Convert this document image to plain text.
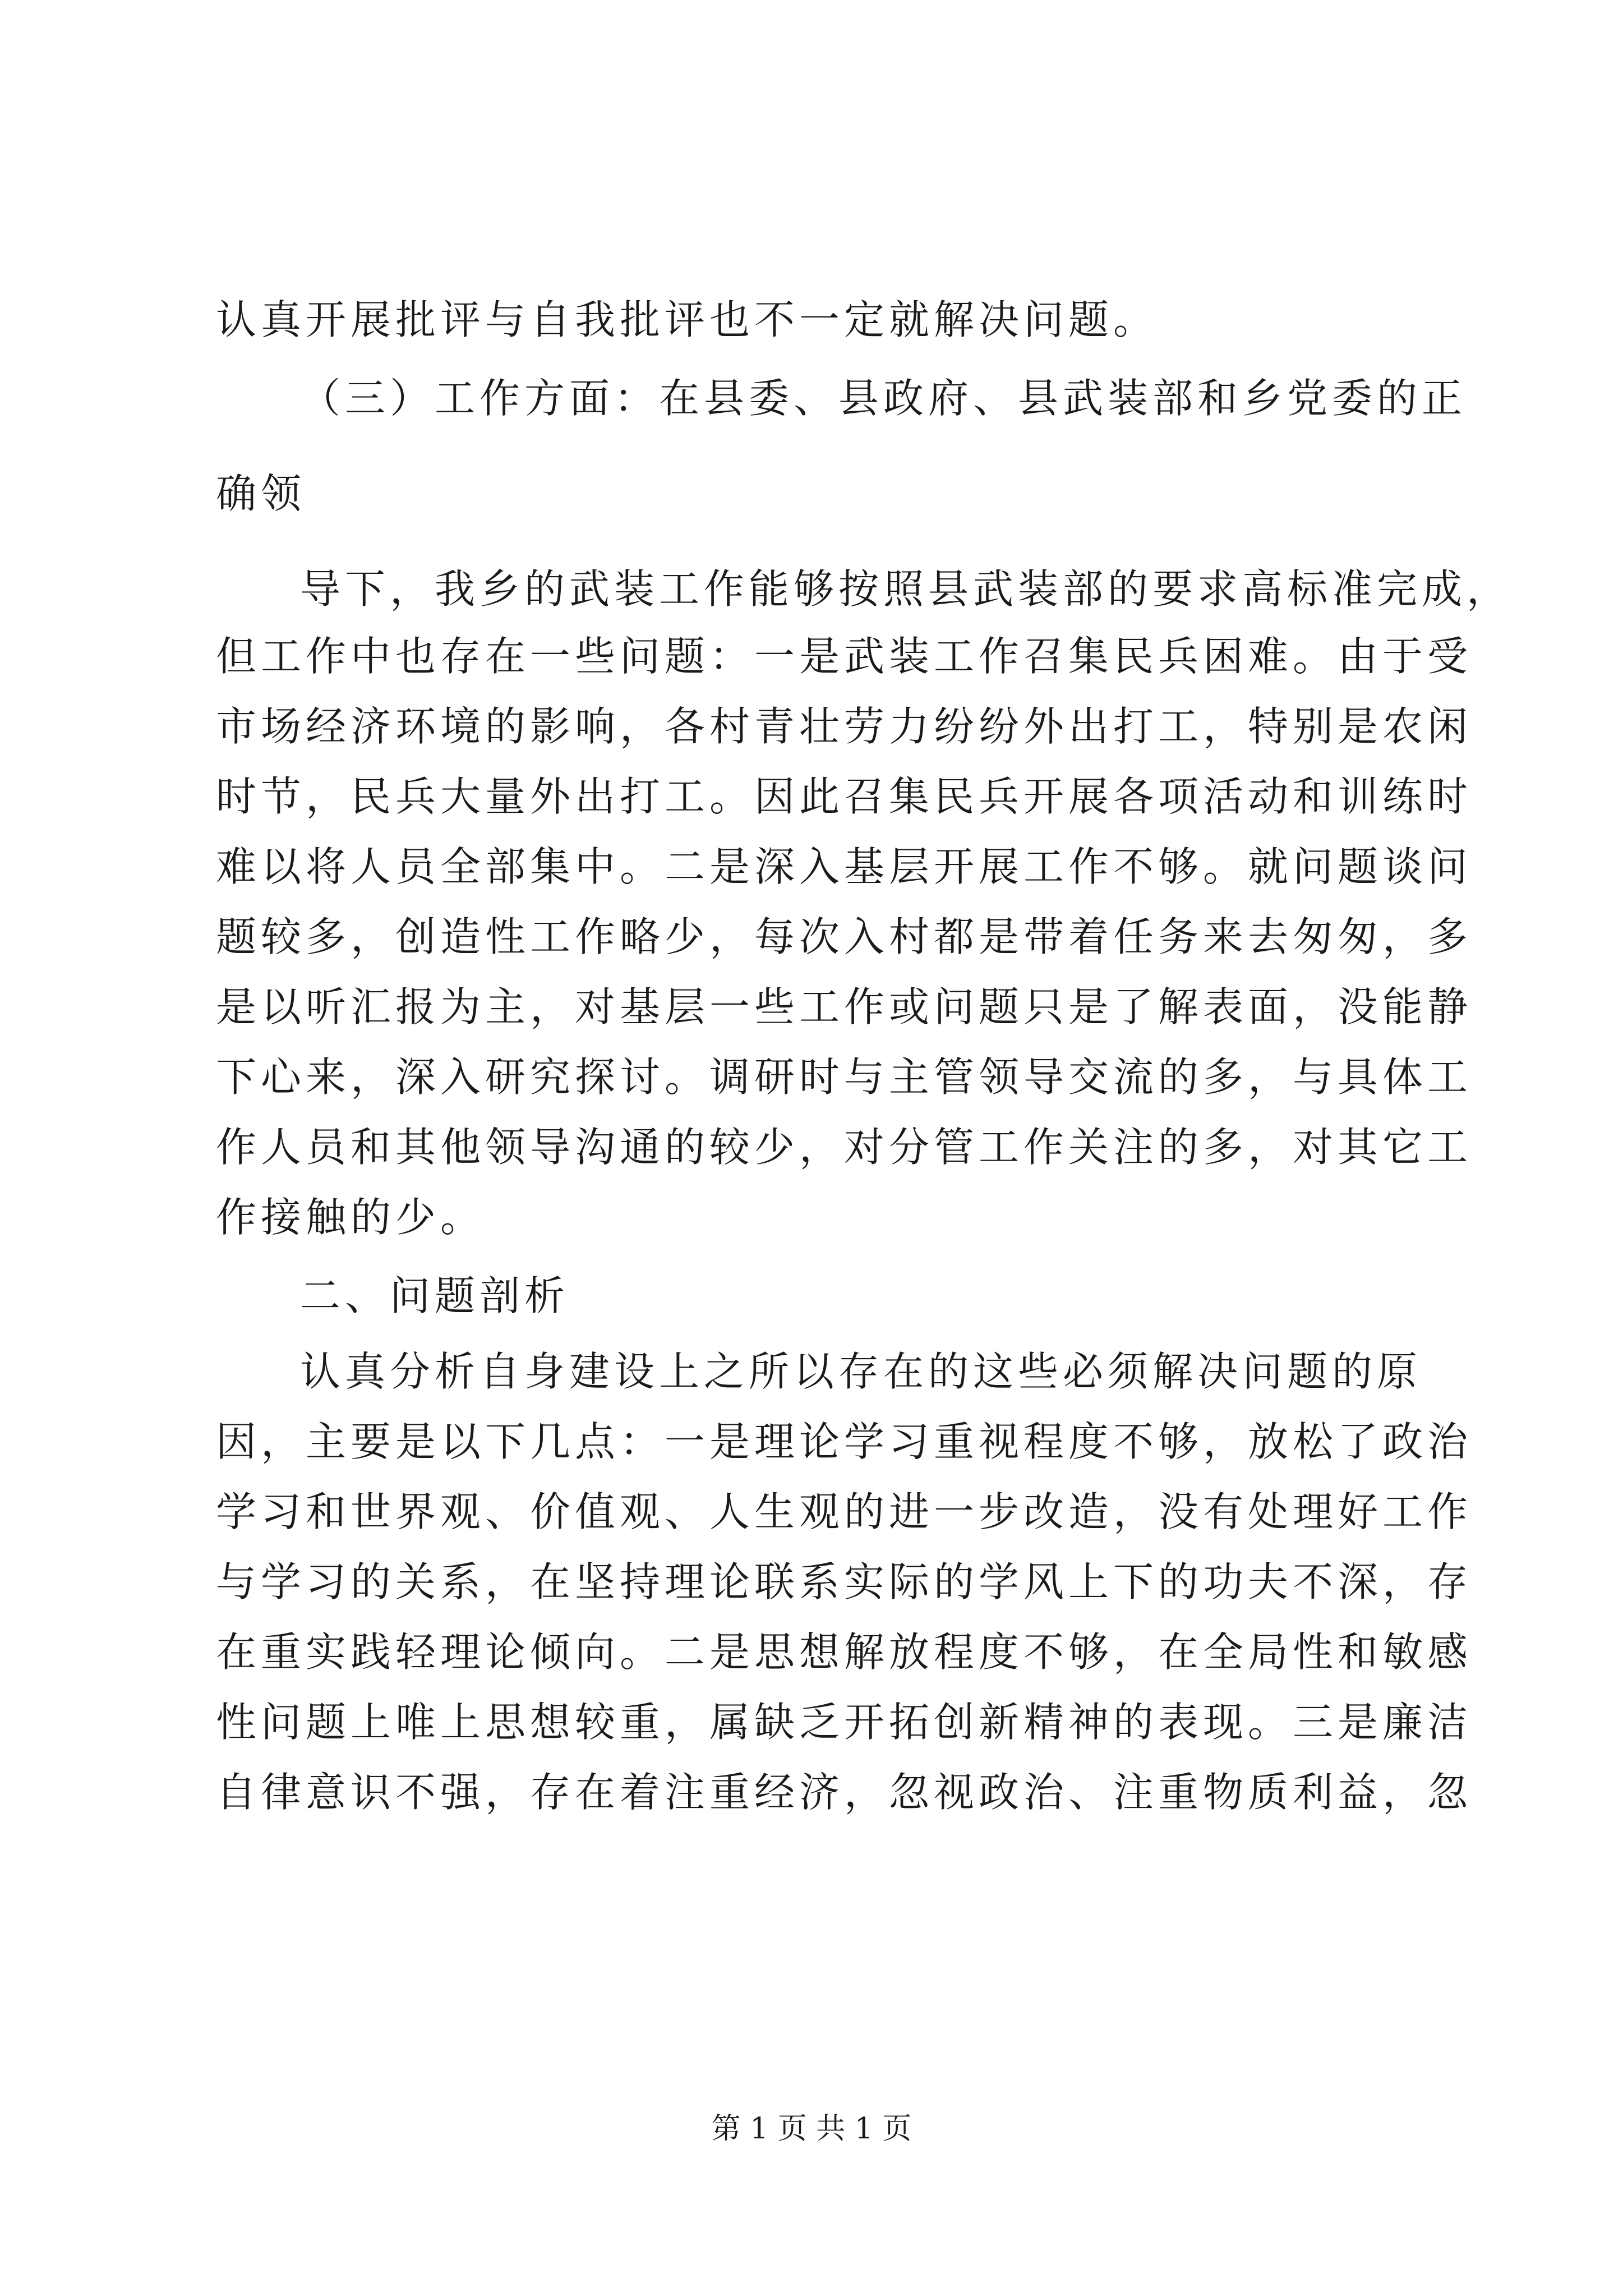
认真开展批评与自我批评也不一定就解决问题。
（三）工作方面：在县委、县政府、县武装部和乡党委的正
确领
导下，我乡的武装工作能够按照县武装部的要求高标准完成，
但工作中也存在一些问题：一是武装工作召集民兵困难。由于受
市场经济环境的影响，各村青壮劳力纷纷外出打工，特别是农闲
时节，民兵大量外出打工。因此召集民兵开展各项活动和训练时
难以将人员全部集中。二是深入基层开展工作不够。就问题谈问
题较多，创造性工作略少，每次入村都是带着任务来去匆匆，多
是以听汇报为主，对基层一些工作或问题只是了解表面，没能静
下心来，深入研究探讨。调研时与主管领导交流的多，与具体工
作人员和其他领导沟通的较少，对分管工作关注的多，对其它工
作接触的少。
二、问题剖析
认真分析自身建设上之所以存在的这些必须解决问题的原
因，主要是以下几点：一是理论学习重视程度不够，放松了政治
学习和世界观、价值观、人生观的进一步改造，没有处理好工作
与学习的关系，在坚持理论联系实际的学风上下的功夫不深，存
在重实践轻理论倾向。二是思想解放程度不够，在全局性和敏感
性问题上唯上思想较重，属缺乏开拓创新精神的表现。三是廉洁
自律意识不强，存在着注重经济，忽视政治、注重物质利益，忽
第 1 页 共 1 页
